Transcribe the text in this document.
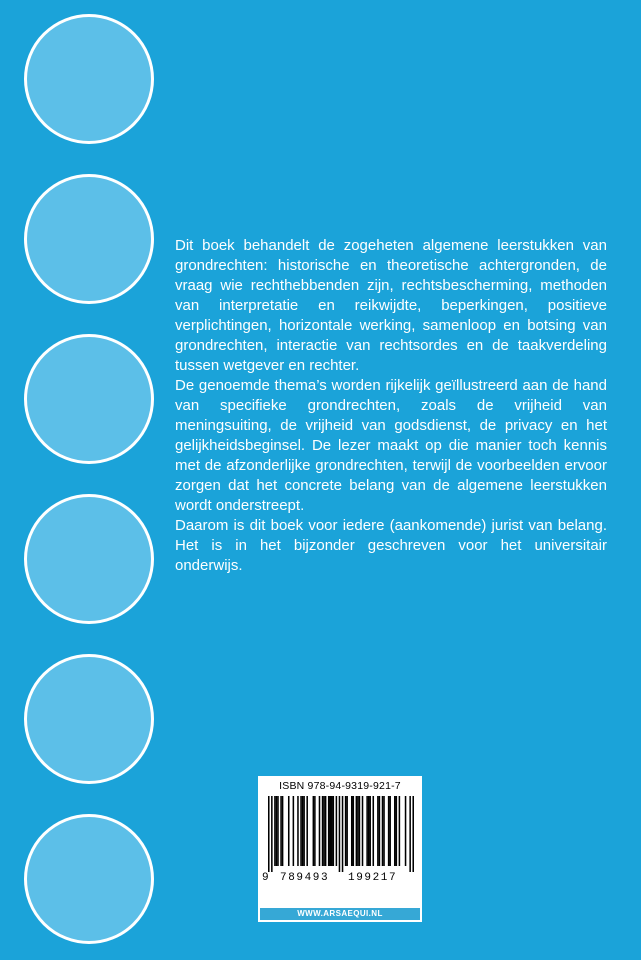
Dit boek behandelt de zogeheten algemene leerstukken van grondrechten: historische en theoretische achtergronden, de vraag wie rechthebbenden zijn, rechtsbescherming, methoden van interpretatie en reikwijdte, beperkingen, positieve verplichtingen, horizontale werking, samenloop en botsing van grondrechten, interactie van rechtsordes en de taakverdeling tussen wetgever en rechter.

De genoemde thema’s worden rijkelijk geïllustreerd aan de hand van specifieke grondrechten, zoals de vrijheid van meningsuiting, de vrijheid van godsdienst, de privacy en het gelijkheidsbeginsel. De lezer maakt op die manier toch kennis met de afzonderlijke grondrechten, terwijl de voorbeelden ervoor zorgen dat het concrete belang van de algemene leerstukken wordt onderstreept.

Daarom is dit boek voor iedere (aankomende) jurist van belang. Het is in het bijzonder geschreven voor het universitair onderwijs.

ISBN 978-94-9319-921-7
9 789493 199217
WWW.ARSAEQUI.NL
